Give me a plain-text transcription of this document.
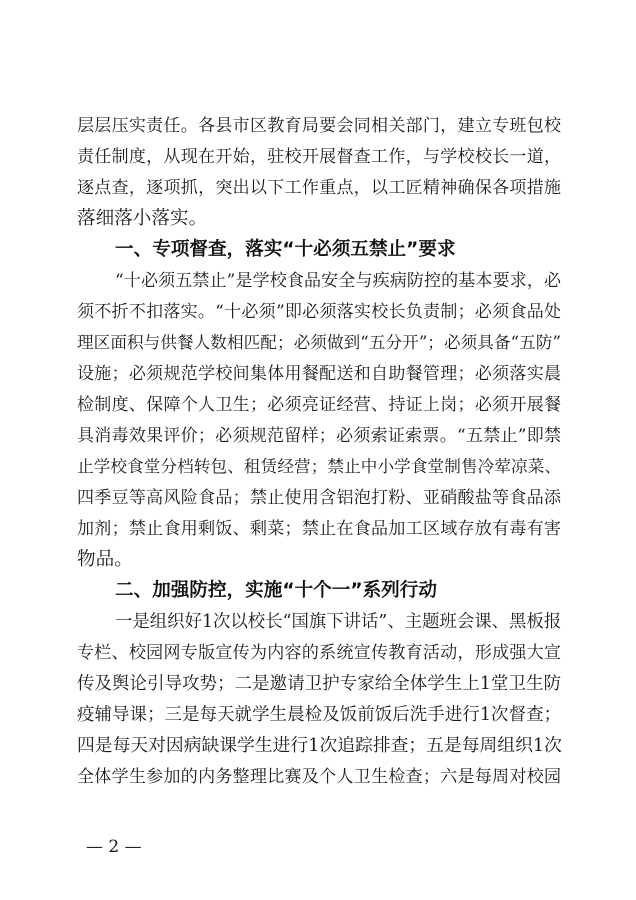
层层压实责任。各县市区教育局要会同相关部门，建立专班包校
责任制度，从现在开始，驻校开展督查工作，与学校校长一道，
逐点查，逐项抓，突出以下工作重点，以工匠精神确保各项措施
落细落小落实。
一、专项督查，落实“十必须五禁止”要求
“十必须五禁止”是学校食品安全与疾病防控的基本要求，必
须不折不扣落实。“十必须”即必须落实校长负责制；必须食品处
理区面积与供餐人数相匹配；必须做到“五分开”；必须具备“五防”
设施；必须规范学校间集体用餐配送和自助餐管理；必须落实晨
检制度、保障个人卫生；必须亮证经营、持证上岗；必须开展餐
具消毒效果评价；必须规范留样；必须索证索票。“五禁止”即禁
止学校食堂分档转包、租赁经营；禁止中小学食堂制售冷荤凉菜、
四季豆等高风险食品；禁止使用含铝泡打粉、亚硝酸盐等食品添
加剂；禁止食用剩饭、剩菜；禁止在食品加工区域存放有毒有害
物品。
二、加强防控，实施“十个一”系列行动
一是组织好1次以校长“国旗下讲话”、主题班会课、黑板报
专栏、校园网专版宣传为内容的系统宣传教育活动，形成强大宣
传及舆论引导攻势；二是邀请卫护专家给全体学生上1堂卫生防
疫辅导课；三是每天就学生晨检及饭前饭后洗手进行1次督查；
四是每天对因病缺课学生进行1次追踪排查；五是每周组织1次
全体学生参加的内务整理比赛及个人卫生检查；六是每周对校园
— 2 —
